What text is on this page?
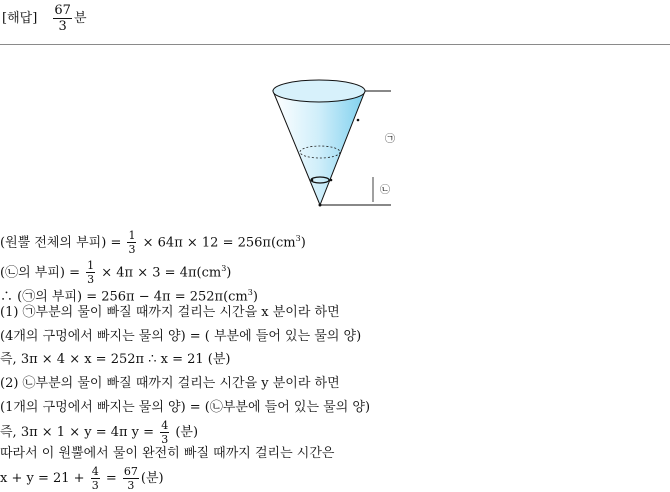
[해답] $\frac{67}{3}$ 분
㉠
㉡
(원뿔 전체의 부피) = $\frac{1}{3} \times 64\pi \times 12 = 256\pi(cm^3)$
(㉡의 부피) = $\frac{1}{3} \times 4\pi \times 3 = 4\pi(cm^3)$
∴ (㉠의 부피) = $256\pi - 4\pi = 252\pi(cm^3)$
(1) ㉠부분의 물이 빠질 때까지 걸리는 시간을 x 분이라 하면
(4개의 구멍에서 빠지는 물의 양) = ( 부분에 들어 있는 물의 양)
즉, 3π × 4 × x = 252π ∴ x = 21 (분)
(2) ㉡부분의 물이 빠질 때까지 걸리는 시간을 y 분이라 하면
(1개의 구멍에서 빠지는 물의 양) = (㉡부분에 들어 있는 물의 양)
즉, 3π × 1 × y = 4π $y = \frac{4}{3}$ (분)
따라서 이 원뿔에서 물이 완전히 빠질 때까지 걸리는 시간은
$x + y = 21 + \frac{4}{3} = \frac{67}{3}$ (분)
